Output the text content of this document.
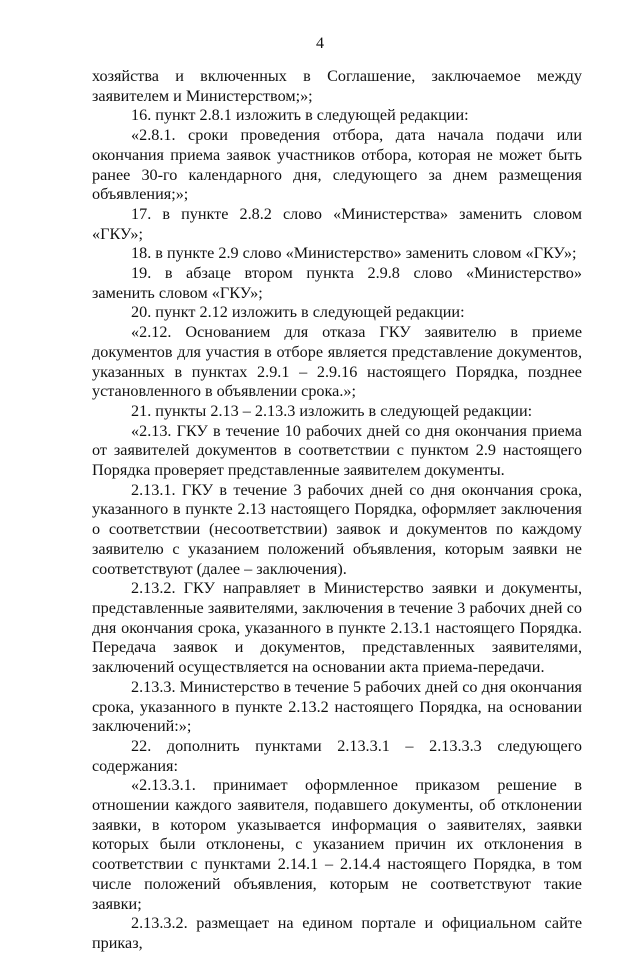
4

хозяйства и включенных в Соглашение, заключаемое между заявителем и Министерством;»;

16. пункт 2.8.1 изложить в следующей редакции:

«2.8.1. сроки проведения отбора, дата начала подачи или окончания приема заявок участников отбора, которая не может быть ранее 30-го календарного дня, следующего за днем размещения объявления;»;

17. в пункте 2.8.2 слово «Министерства» заменить словом «ГКУ»;

18. в пункте 2.9 слово «Министерство» заменить словом «ГКУ»;

19. в абзаце втором пункта 2.9.8 слово «Министерство» заменить словом «ГКУ»;

20. пункт 2.12 изложить в следующей редакции:

«2.12. Основанием для отказа ГКУ заявителю в приеме документов для участия в отборе является представление документов, указанных в пунктах 2.9.1 – 2.9.16 настоящего Порядка, позднее установленного в объявлении срока.»;

21. пункты 2.13 – 2.13.3 изложить в следующей редакции:

«2.13. ГКУ в течение 10 рабочих дней со дня окончания приема от заявителей документов в соответствии с пунктом 2.9 настоящего Порядка проверяет представленные заявителем документы.

2.13.1. ГКУ в течение 3 рабочих дней со дня окончания срока, указанного в пункте 2.13 настоящего Порядка, оформляет заключения о соответствии (несоответствии) заявок и документов по каждому заявителю с указанием положений объявления, которым заявки не соответствуют (далее – заключения).

2.13.2. ГКУ направляет в Министерство заявки и документы, представленные заявителями, заключения в течение 3 рабочих дней со дня окончания срока, указанного в пункте 2.13.1 настоящего Порядка. Передача заявок и документов, представленных заявителями, заключений осуществляется на основании акта приема-передачи.

2.13.3. Министерство в течение 5 рабочих дней со дня окончания срока, указанного в пункте 2.13.2 настоящего Порядка, на основании заключений:»;

22. дополнить пунктами 2.13.3.1 – 2.13.3.3 следующего содержания:

«2.13.3.1. принимает оформленное приказом решение в отношении каждого заявителя, подавшего документы, об отклонении заявки, в котором указывается информация о заявителях, заявки которых были отклонены, с указанием причин их отклонения в соответствии с пунктами 2.14.1 – 2.14.4 настоящего Порядка, в том числе положений объявления, которым не соответствуют такие заявки;

2.13.3.2. размещает на едином портале и официальном сайте приказ,
